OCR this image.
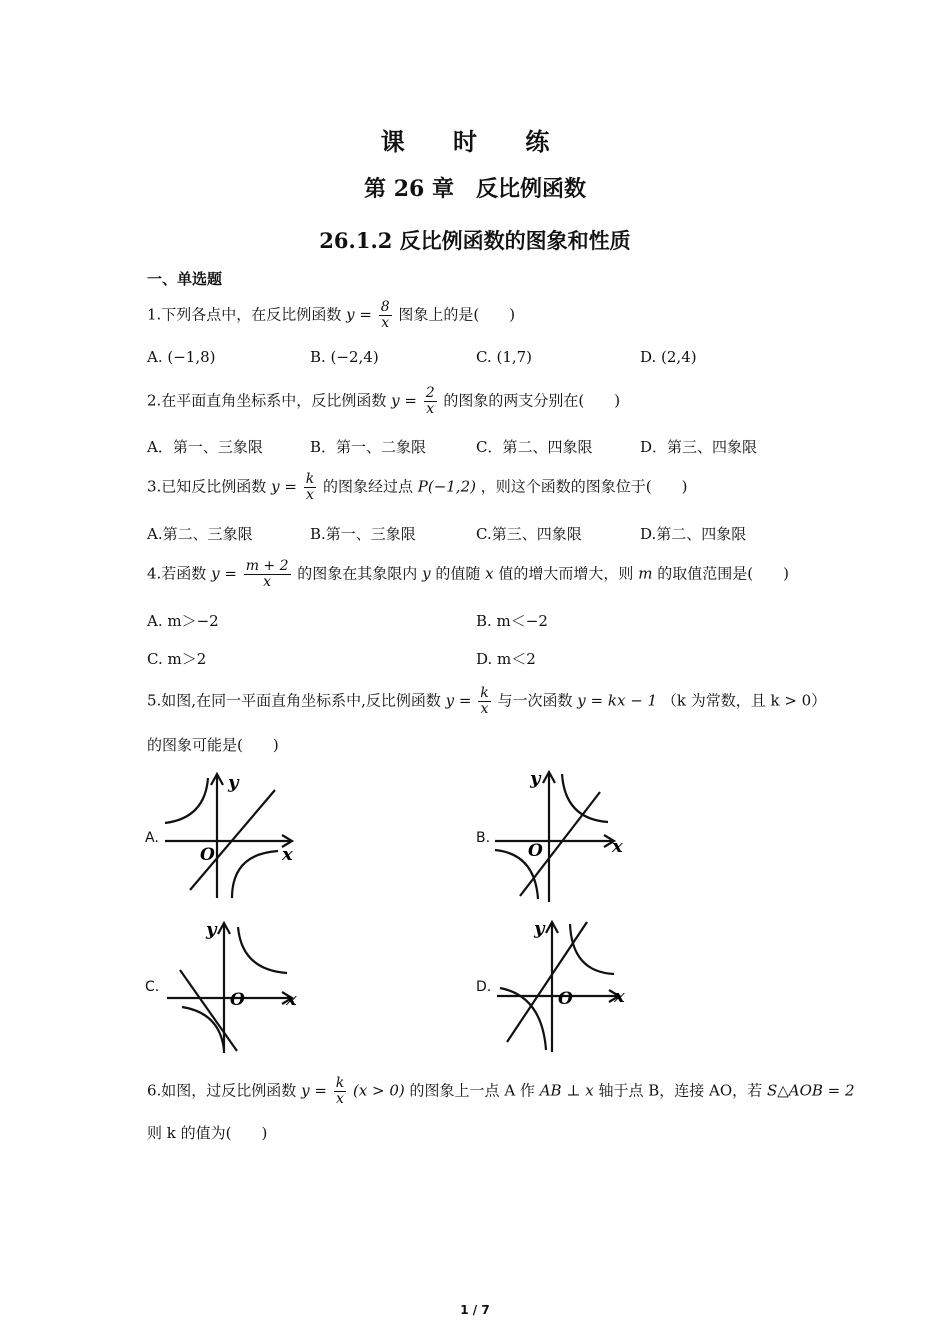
课 时 练
第 26 章　反比例函数
26.1.2 反比例函数的图象和性质
一、单选题
1.下列各点中，在反比例函数 $y = \frac{8}{x}$ 图象上的是(　　)
A. (−1,8)	B. (−2,4)	C. (1,7)	D. (2,4)
2.在平面直角坐标系中，反比例函数 $y = \frac{2}{x}$ 的图象的两支分别在(　　)
A．第一、三象限	B．第一、二象限	C．第二、四象限	D．第三、四象限
3.已知反比例函数 $y = \frac{k}{x}$ 的图象经过点 P(−1,2) ，则这个函数的图象位于(　　)
A.第二、三象限	B.第一、三象限	C.第三、四象限	D.第二、四象限
4.若函数 $y = \frac{m + 2}{x}$ 的图象在其象限内 y 的值随 x 值的增大而增大，则 m 的取值范围是(　　)
A. m＞−2	B. m＜−2
C. m＞2	D. m＜2
5.如图,在同一平面直角坐标系中,反比例函数 $y = \frac{k}{x}$ 与一次函数 y = kx − 1 （k 为常数，且 k > 0）
的图象可能是(　　)
A.	B.
C.	D.
y
x
O
y
x
O
y
x
O
y
x
O
6.如图，过反比例函数 $y = \frac{k}{x} (x > 0)$ 的图象上一点 A 作 AB ⊥ x 轴于点 B，连接 AO，若 S△AOB = 2
则 k 的值为(　　)
1 / 7
